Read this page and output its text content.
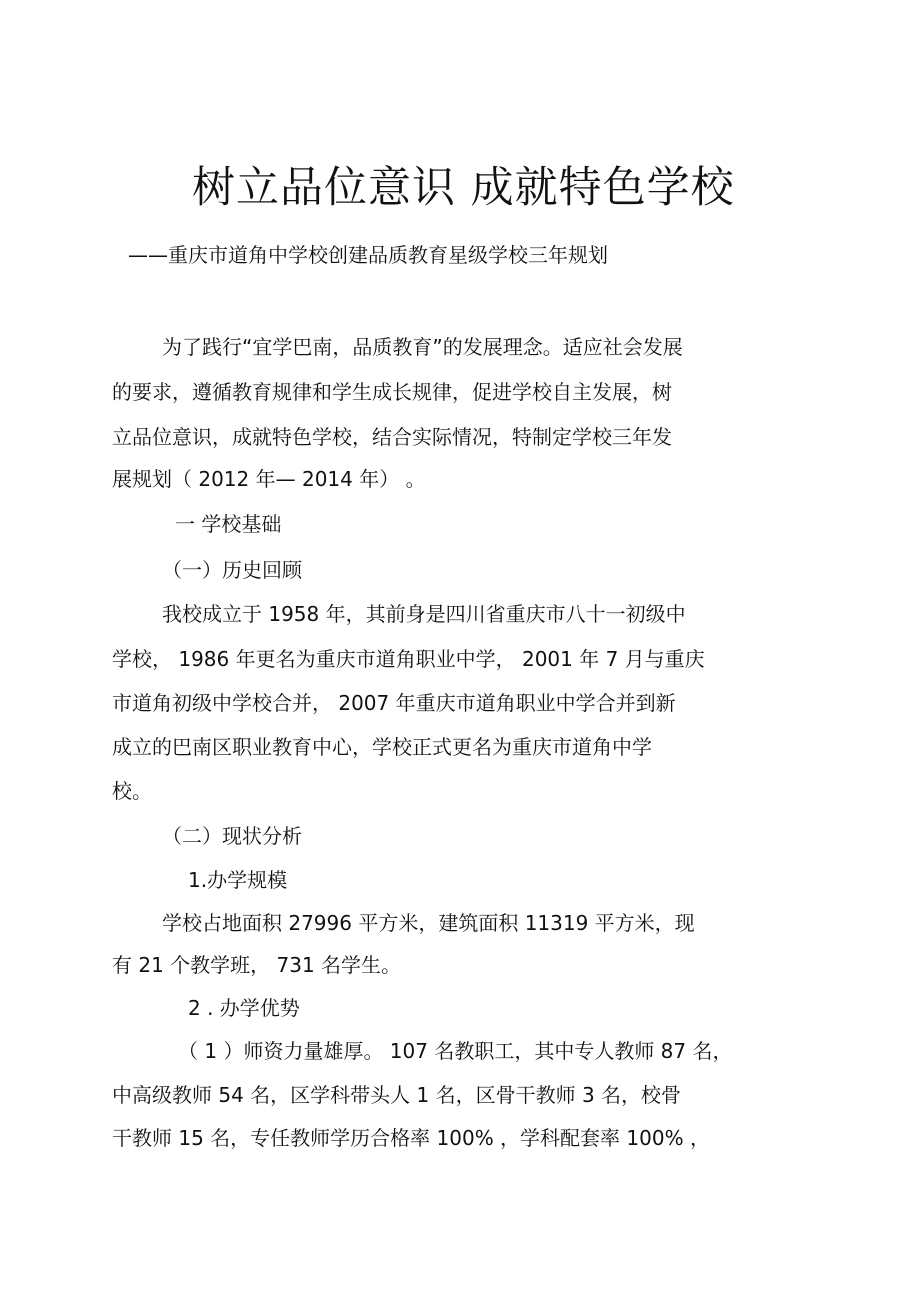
树立品位意识 成就特色学校

——重庆市道角中学校创建品质教育星级学校三年规划

为了践行“宜学巴南，品质教育”的发展理念。适应社会发展

的要求，遵循教育规律和学生成长规律，促进学校自主发展，树

立品位意识，成就特色学校，结合实际情况，特制定学校三年发

展规划（ 2012 年— 2014 年） 。

一 学校基础

（一）历史回顾

我校成立于 1958 年，其前身是四川省重庆市八十一初级中

学校， 1986 年更名为重庆市道角职业中学， 2001 年 7 月与重庆

市道角初级中学校合并， 2007 年重庆市道角职业中学合并到新

成立的巴南区职业教育中心，学校正式更名为重庆市道角中学

校。

（二）现状分析

1.办学规模

学校占地面积 27996 平方米，建筑面积 11319 平方米，现

有 21 个教学班， 731 名学生。

2 . 办学优势

（ 1 ）师资力量雄厚。 107 名教职工，其中专人教师 87 名，

中高级教师 54 名，区学科带头人 1 名，区骨干教师 3 名，校骨

干教师 15 名，专任教师学历合格率 100% ，学科配套率 100% ，
